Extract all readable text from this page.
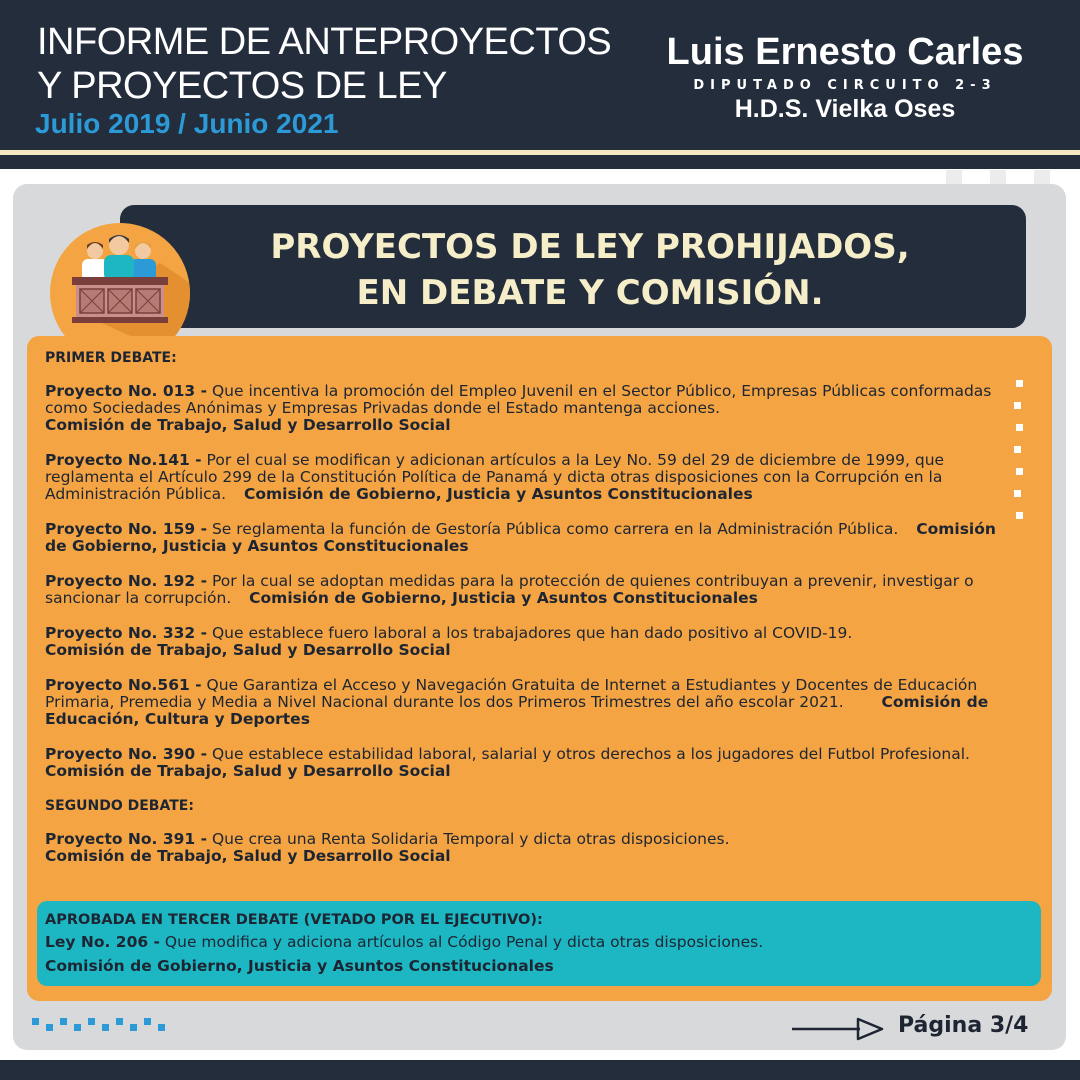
INFORME DE ANTEPROYECTOS
Y PROYECTOS DE LEY
Julio 2019 / Junio 2021
Luis Ernesto Carles
DIPUTADO CIRCUITO 2-3
H.D.S. Vielka Oses
PROYECTOS DE LEY PROHIJADOS,
EN DEBATE Y COMISIÓN.
PRIMER DEBATE:
Proyecto No. 013 - Que incentiva la promoción del Empleo Juvenil en el Sector Público, Empresas Públicas conformadas como Sociedades Anónimas y Empresas Privadas donde el Estado mantenga acciones.
Comisión de Trabajo, Salud y Desarrollo Social
Proyecto No.141 - Por el cual se modifican y adicionan artículos a la Ley No. 59 del 29 de diciembre de 1999, que reglamenta el Artículo 299 de la Constitución Política de Panamá y dicta otras disposiciones con la Corrupción en la Administración Pública. Comisión de Gobierno, Justicia y Asuntos Constitucionales
Proyecto No. 159 - Se reglamenta la función de Gestoría Pública como carrera en la Administración Pública. Comisión de Gobierno, Justicia y Asuntos Constitucionales
Proyecto No. 192 - Por la cual se adoptan medidas para la protección de quienes contribuyan a prevenir, investigar o sancionar la corrupción. Comisión de Gobierno, Justicia y Asuntos Constitucionales
Proyecto No. 332 - Que establece fuero laboral a los trabajadores que han dado positivo al COVID-19.
Comisión de Trabajo, Salud y Desarrollo Social
Proyecto No.561 - Que Garantiza el Acceso y Navegación Gratuita de Internet a Estudiantes y Docentes de Educación Primaria, Premedia y Media a Nivel Nacional durante los dos Primeros Trimestres del año escolar 2021. Comisión de Educación, Cultura y Deportes
Proyecto No. 390 - Que establece estabilidad laboral, salarial y otros derechos a los jugadores del Futbol Profesional.  Comisión de Trabajo, Salud y Desarrollo Social
SEGUNDO DEBATE:
Proyecto No. 391 - Que crea una Renta Solidaria Temporal y dicta otras disposiciones.
Comisión de Trabajo, Salud y Desarrollo Social
APROBADA EN TERCER DEBATE (VETADO POR EL EJECUTIVO):
Ley No. 206 - Que modifica y adiciona artículos al Código Penal y dicta otras disposiciones.
Comisión de Gobierno, Justicia y Asuntos Constitucionales
Página 3/4
